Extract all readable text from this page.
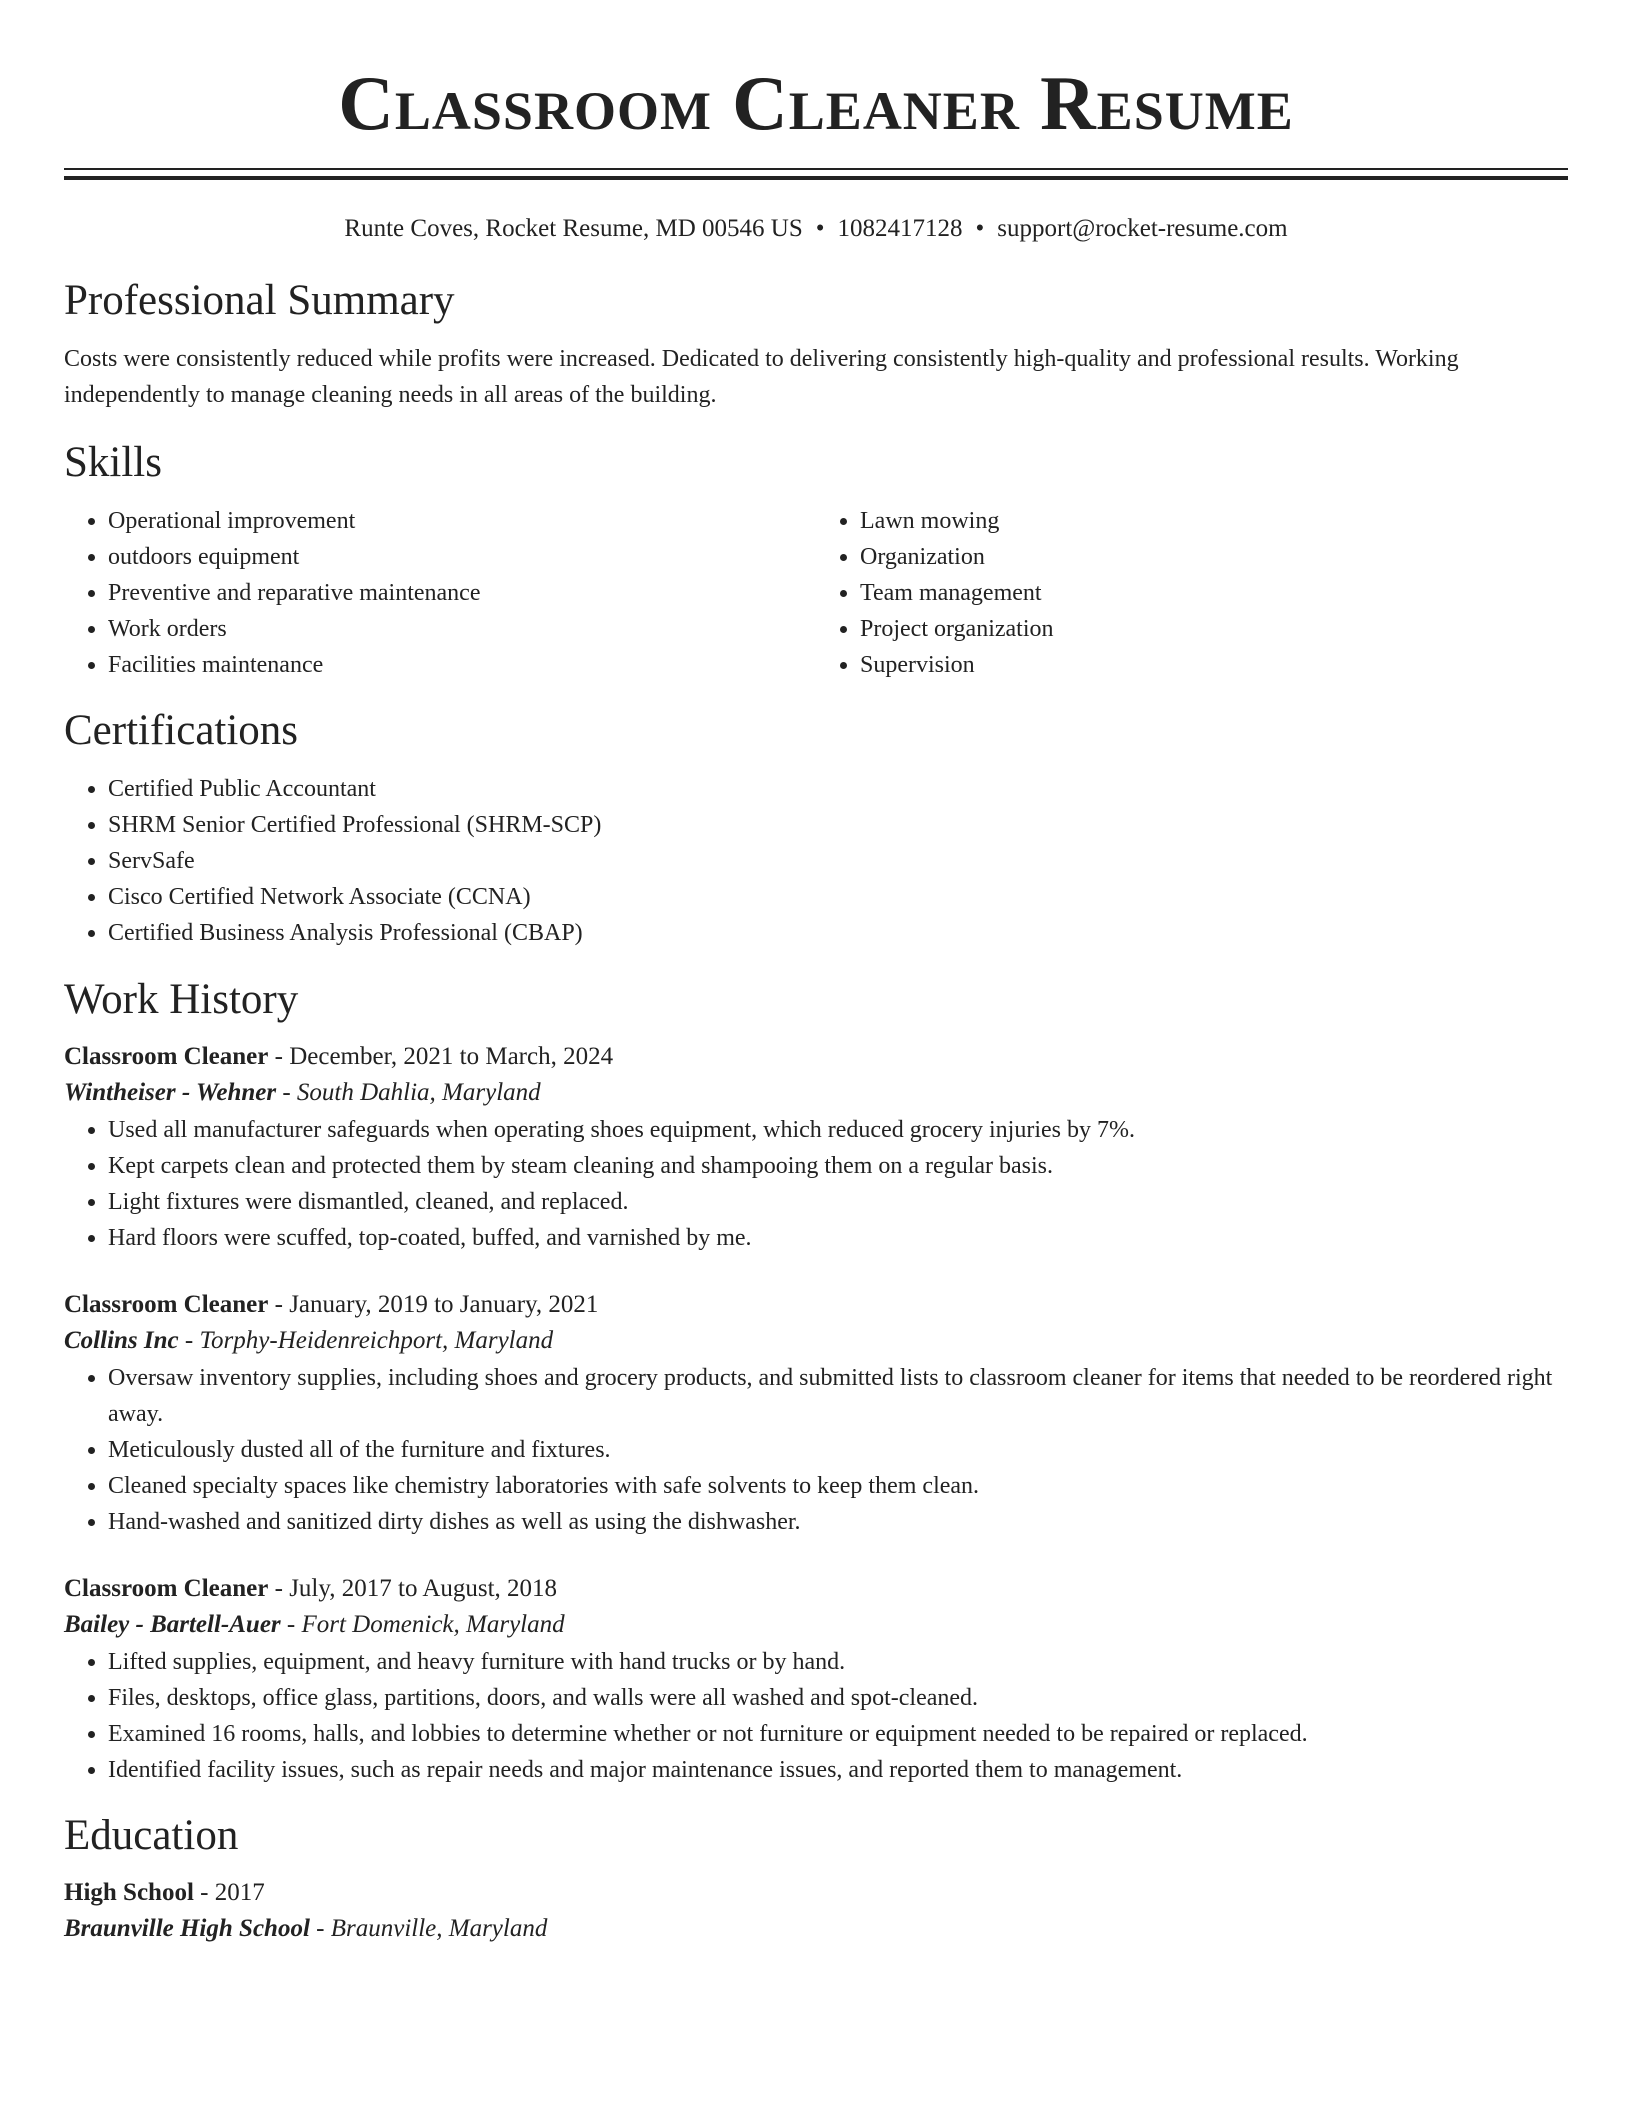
Classroom Cleaner Resume
Runte Coves, Rocket Resume, MD 00546 US • 1082417128 • support@rocket-resume.com
Professional Summary

Costs were consistently reduced while profits were increased. Dedicated to delivering consistently high-quality and professional results. Working independently to manage cleaning needs in all areas of the building.

Skills
• Operational improvement
• outdoors equipment
• Preventive and reparative maintenance
• Work orders
• Facilities maintenance
• Lawn mowing
• Organization
• Team management
• Project organization
• Supervision
Certifications
• Certified Public Accountant
• SHRM Senior Certified Professional (SHRM-SCP)
• ServSafe
• Cisco Certified Network Associate (CCNA)
• Certified Business Analysis Professional (CBAP)
Work History
Classroom Cleaner - December, 2021 to March, 2024
Wintheiser - Wehner - South Dahlia, Maryland
• Used all manufacturer safeguards when operating shoes equipment, which reduced grocery injuries by 7%.
• Kept carpets clean and protected them by steam cleaning and shampooing them on a regular basis.
• Light fixtures were dismantled, cleaned, and replaced.
• Hard floors were scuffed, top-coated, buffed, and varnished by me.
Classroom Cleaner - January, 2019 to January, 2021
Collins Inc - Torphy-Heidenreichport, Maryland
• Oversaw inventory supplies, including shoes and grocery products, and submitted lists to classroom cleaner for items that needed to be reordered right away.
• Meticulously dusted all of the furniture and fixtures.
• Cleaned specialty spaces like chemistry laboratories with safe solvents to keep them clean.
• Hand-washed and sanitized dirty dishes as well as using the dishwasher.
Classroom Cleaner - July, 2017 to August, 2018
Bailey - Bartell-Auer - Fort Domenick, Maryland
• Lifted supplies, equipment, and heavy furniture with hand trucks or by hand.
• Files, desktops, office glass, partitions, doors, and walls were all washed and spot-cleaned.
• Examined 16 rooms, halls, and lobbies to determine whether or not furniture or equipment needed to be repaired or replaced.
• Identified facility issues, such as repair needs and major maintenance issues, and reported them to management.
Education
High School - 2017
Braunville High School - Braunville, Maryland
